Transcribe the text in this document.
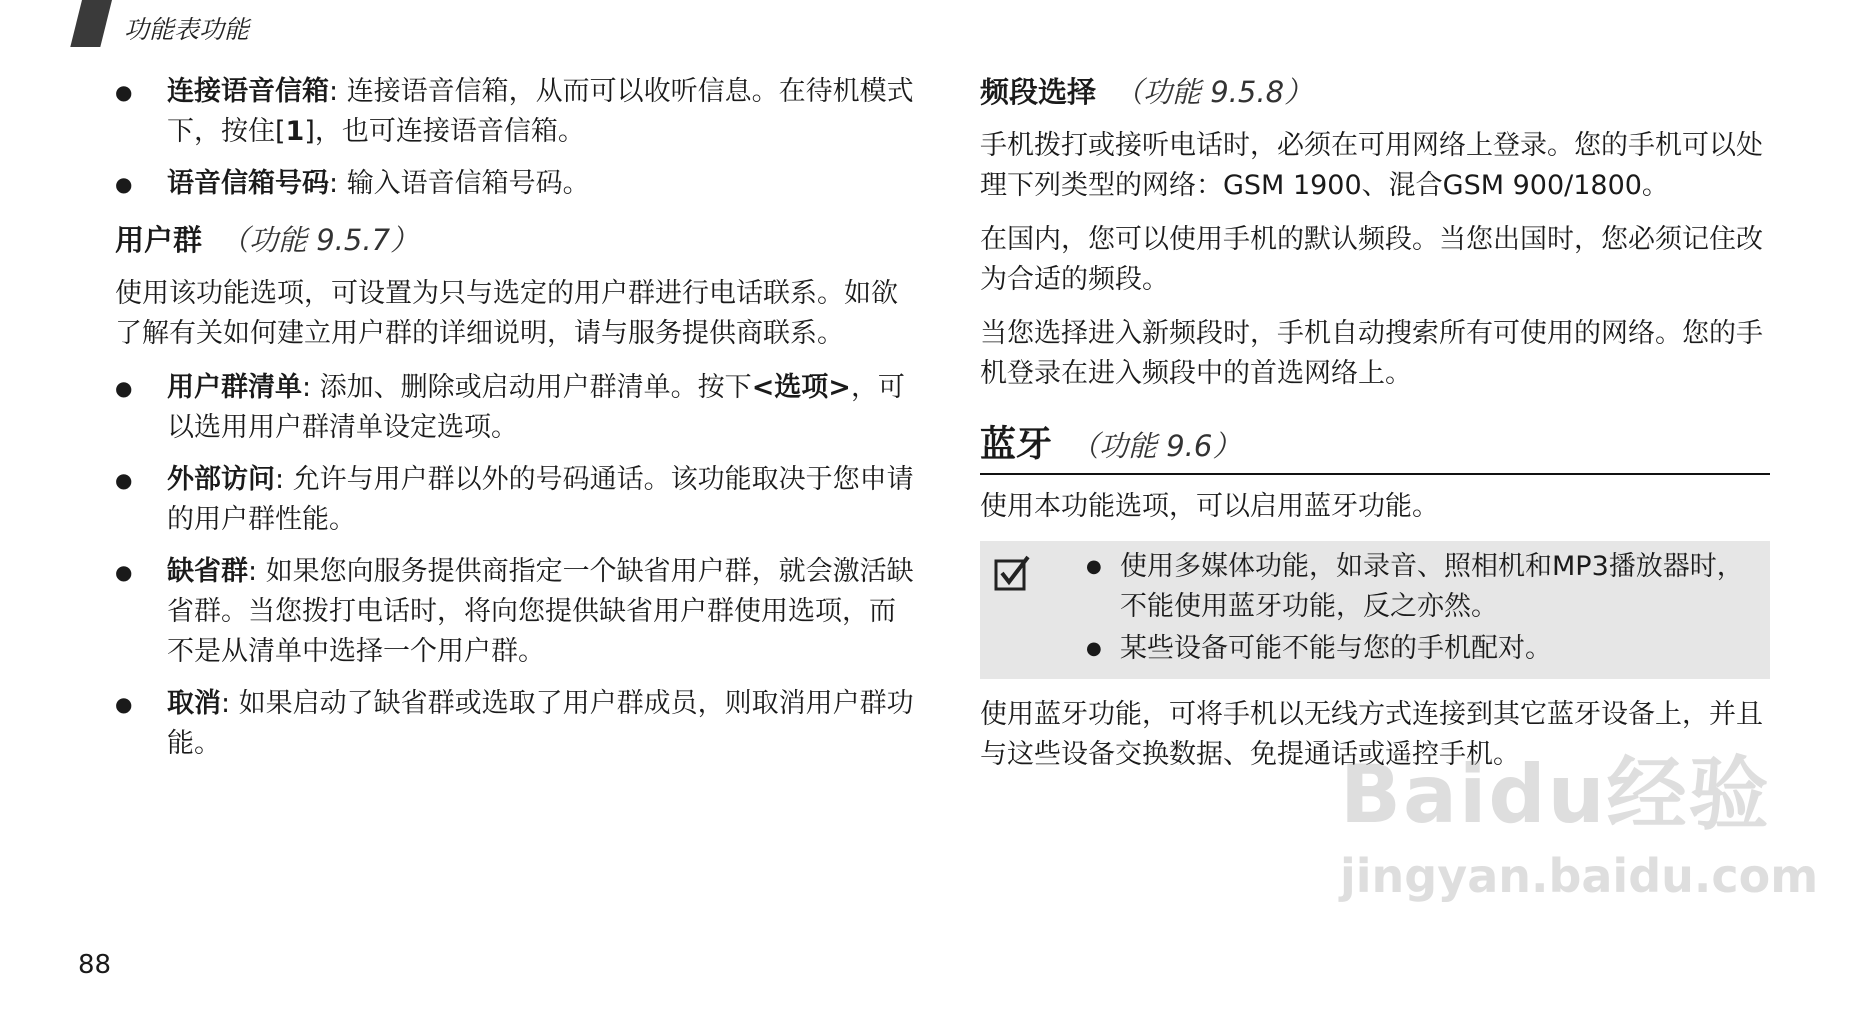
功能表功能
● 连接语音信箱: 连接语音信箱，从而可以收听信息。在待机模式下，按住[1]，也可连接语音信箱。
● 语音信箱号码: 输入语音信箱号码。
用户群 （功能 9.5.7）

使用该功能选项，可设置为只与选定的用户群进行电话联系。如欲了解有关如何建立用户群的详细说明，请与服务提供商联系。

● 用户群清单: 添加、删除或启动用户群清单。按下<选项>，可以选用用户群清单设定选项。
● 外部访问: 允许与用户群以外的号码通话。该功能取决于您申请的用户群性能。
● 缺省群: 如果您向服务提供商指定一个缺省用户群，就会激活缺省群。当您拨打电话时，将向您提供缺省用户群使用选项，而不是从清单中选择一个用户群。
● 取消: 如果启动了缺省群或选取了用户群成员，则取消用户群功能。
频段选择 （功能 9.5.8）

手机拨打或接听电话时，必须在可用网络上登录。您的手机可以处理下列类型的网络：GSM 1900、混合GSM 900/1800。

在国内，您可以使用手机的默认频段。当您出国时，您必须记住改为合适的频段。

当您选择进入新频段时，手机自动搜索所有可使用的网络。您的手机登录在进入频段中的首选网络上。

蓝牙 （功能 9.6）

使用本功能选项，可以启用蓝牙功能。

● 使用多媒体功能，如录音、照相机和MP3播放器时，不能使用蓝牙功能，反之亦然。
● 某些设备可能不能与您的手机配对。

使用蓝牙功能，可将手机以无线方式连接到其它蓝牙设备上，并且与这些设备交换数据、免提通话或遥控手机。

Baidu经验
jingyan.baidu.com
88
